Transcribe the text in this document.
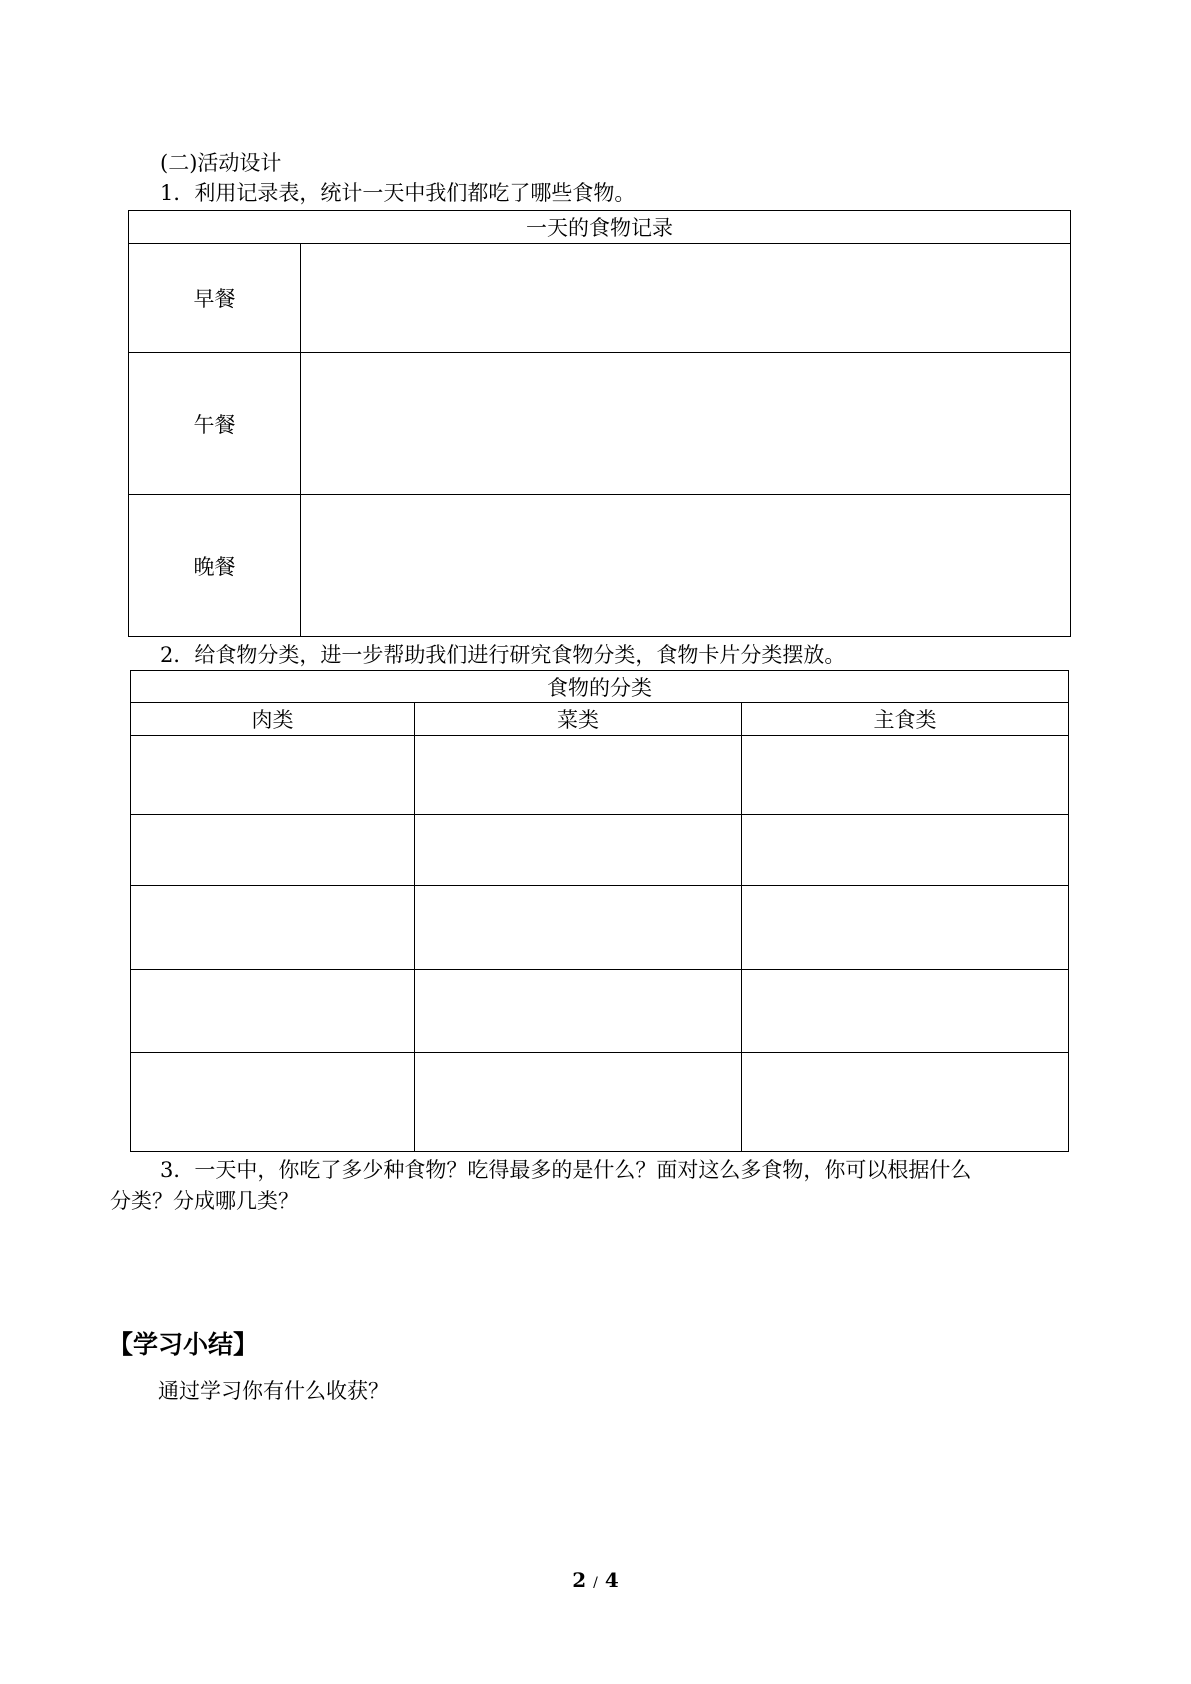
(二)活动设计
1．利用记录表，统计一天中我们都吃了哪些食物。
一天的食物记录	
早餐	
午餐	
晚餐	
2．给食物分类，进一步帮助我们进行研究食物分类，食物卡片分类摆放。
食物的分类		
肉类	菜类	主食类

3．一天中，你吃了多少种食物？吃得最多的是什么？面对这么多食物，你可以根据什么
分类？分成哪几类？
【学习小结】
通过学习你有什么收获？
2 / 4
